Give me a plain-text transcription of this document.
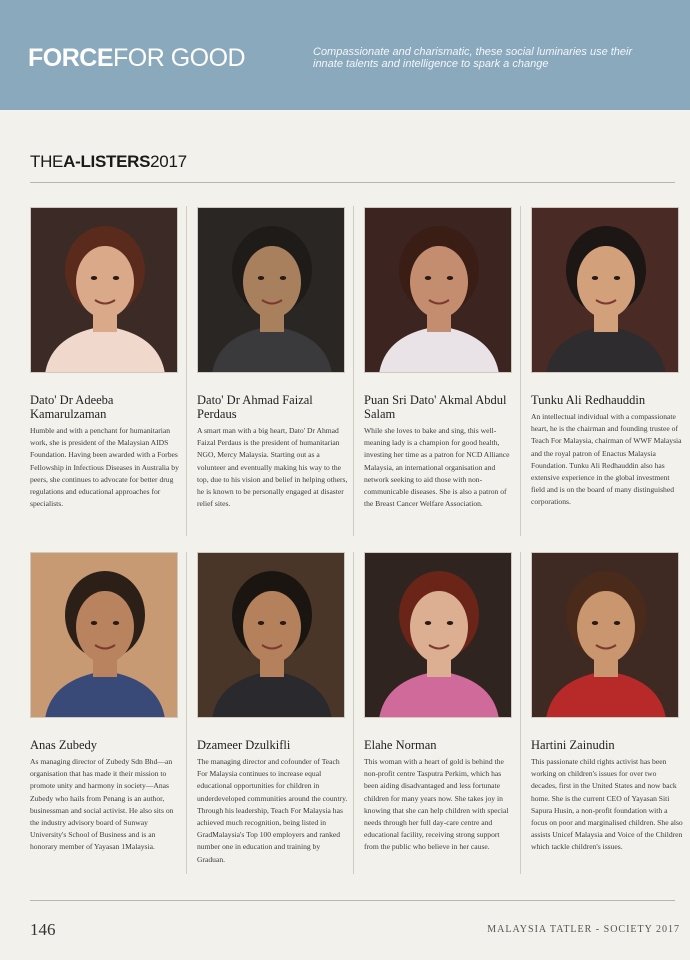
FORCEFOR GOOD	Compassionate and charismatic, these social luminaries use their innate talents and intelligence to spark a change
THEA-LISTERS2017
Dato' Dr Adeeba Kamarulzaman
Humble and with a penchant for humanitarian work, she is president of the Malaysian AIDS Foundation. Having been awarded with a Forbes Fellowship in Infectious Diseases in Australia by peers, she continues to advocate for better drug regulations and educational approaches for specialists.
Dato' Dr Ahmad Faizal Perdaus
A smart man with a big heart, Dato' Dr Ahmad Faizal Perdaus is the president of humanitarian NGO, Mercy Malaysia. Starting out as a volunteer and eventually making his way to the top, due to his vision and belief in helping others, he is known to be personally engaged at disaster relief sites.
Puan Sri Dato' Akmal Abdul Salam
While she loves to bake and sing, this well-meaning lady is a champion for good health, investing her time as a patron for NCD Alliance Malaysia, an international organisation and network seeking to aid those with non-communicable diseases. She is also a patron of the Breast Cancer Welfare Association.
Tunku Ali Redhauddin
An intellectual individual with a compassionate heart, he is the chairman and founding trustee of Teach For Malaysia, chairman of WWF Malaysia and the royal patron of Enactus Malaysia Foundation. Tunku Ali Redhauddin also has extensive experience in the global investment field and is on the board of many distinguished corporations.
Anas Zubedy
As managing director of Zubedy Sdn Bhd—an organisation that has made it their mission to promote unity and harmony in society—Anas Zubedy who hails from Penang is an author, businessman and social activist. He also sits on the industry advisory board of Sunway University's School of Business and is an honorary member of Yayasan 1Malaysia.
Dzameer Dzulkifli
The managing director and cofounder of Teach For Malaysia continues to increase equal educational opportunities for children in underdeveloped communities around the country. Through his leadership, Teach For Malaysia has achieved much recognition, being listed in GradMalaysia's Top 100 employers and ranked number one in education and training by Graduan.
Elahe Norman
This woman with a heart of gold is behind the non-profit centre Tasputra Perkim, which has been aiding disadvantaged and less fortunate children for many years now. She takes joy in knowing that she can help children with special needs through her full day-care centre and educational facility, receiving strong support from the public who believe in her cause.
Hartini Zainudin
This passionate child rights activist has been working on children's issues for over two decades, first in the United States and now back home. She is the current CEO of Yayasan Siti Sapura Husin, a non-profit foundation with a focus on poor and marginalised children. She also assists Unicef Malaysia and Voice of the Children which tackle children's issues.
146	MALAYSIA TATLER - SOCIETY 2017
